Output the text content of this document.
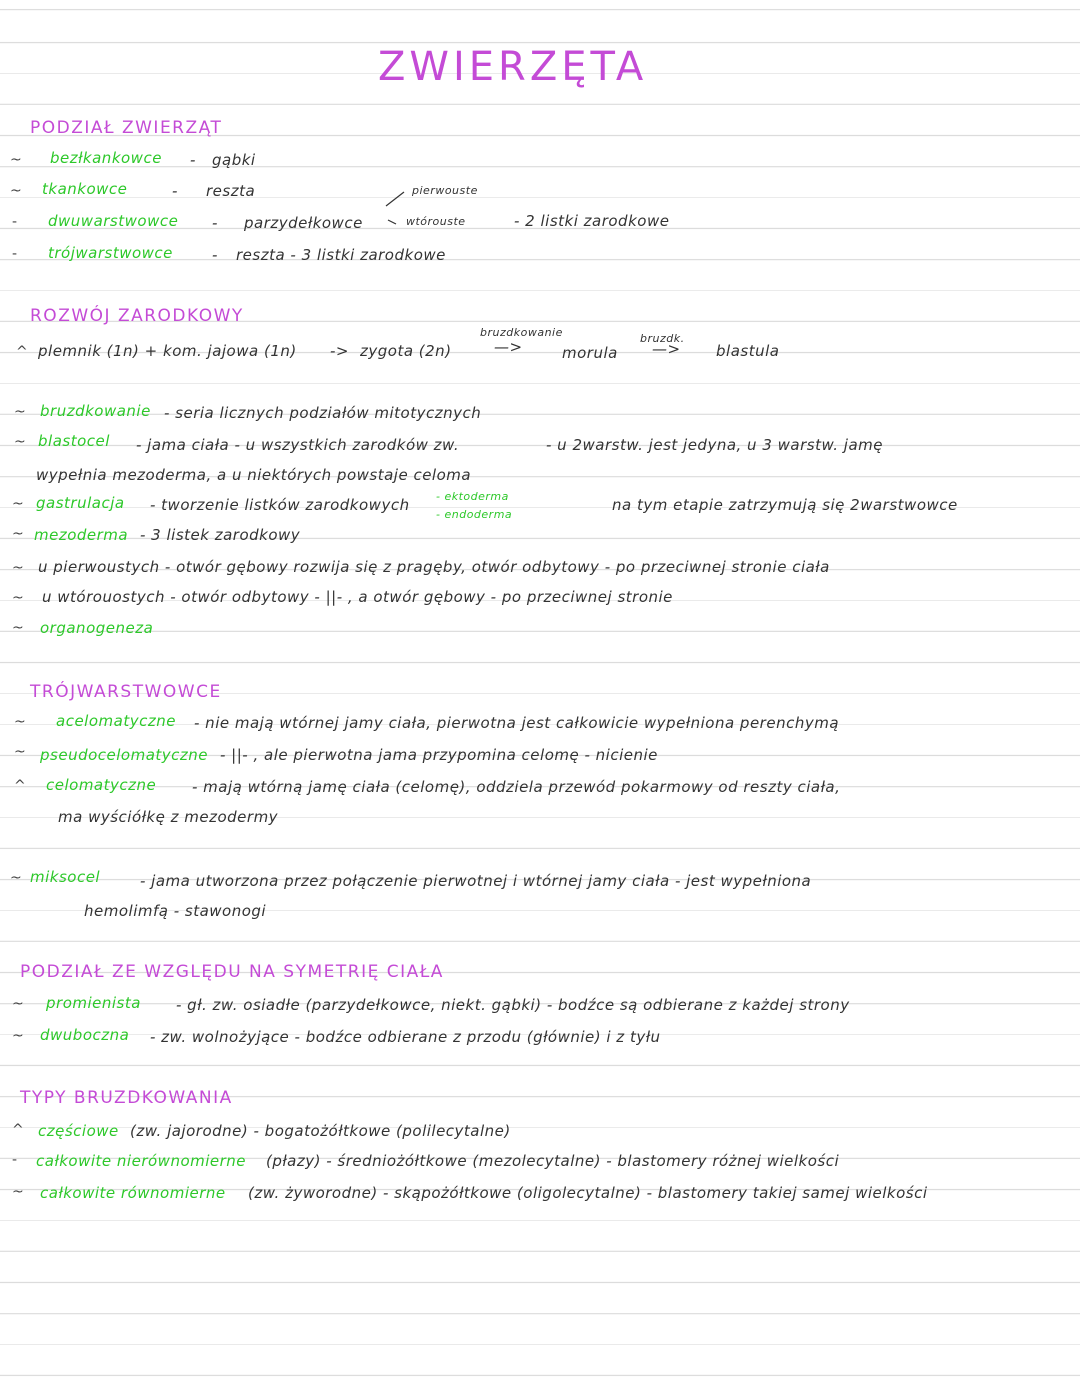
ZWIERZĘTA
PODZIAŁ ZWIERZĄT
~ bezłkankowce - gąbki
~ tkankowce	- reszta
- dwuwarstwowce - parzydełkowce
pierwouste
wtórouste	- 2 listki zarodkowe
- trójwarstwowce	- reszta - 3 listki zarodkowe
ROZWÓJ ZARODKOWY
^ plemnik (1n) + kom. jajowa (1n) -> zygota (2n)
bruzdkowanie
—>	morula
bruzdk.
—> blastula
~ bruzdkowanie - seria licznych podziałów mitotycznych
~ blastocel - jama ciała - u wszystkich zarodków zw.	- u 2warstw. jest jedyna, u 3 warstw. jamę
wypełnia mezoderma, a u niektórych powstaje celoma
~ gastrulacja - tworzenie listków zarodkowych - ektoderma
- endoderma
na tym etapie zatrzymują się 2warstwowce
~ mezoderma - 3 listek zarodkowy
~ u pierwoustych - otwór gębowy rozwija się z pragęby, otwór odbytowy - po przeciwnej stronie ciała
~ u wtórouostych - otwór odbytowy - ||- , a otwór gębowy - po przeciwnej stronie
~ organogeneza
TRÓJWARSTWOWCE
~ acelomatyczne - nie mają wtórnej jamy ciała, pierwotna jest całkowicie wypełniona perenchymą
~ pseudocelomatyczne - ||- , ale pierwotna jama przypomina celomę - nicienie
^ celomatyczne - mają wtórną jamę ciała (celomę), oddziela przewód pokarmowy od reszty ciała,
ma wyściółkę z mezodermy
~ miksocel	- jama utworzona przez połączenie pierwotnej i wtórnej jamy ciała - jest wypełniona
hemolimfą - stawonogi
PODZIAŁ ZE WZGLĘDU NA SYMETRIĘ CIAŁA
~ promienista - gł. zw. osiadłe (parzydełkowce, niekt. gąbki) - bodźce są odbierane z każdej strony
~ dwuboczna - zw. wolnożyjące - bodźce odbierane z przodu (głównie) i z tyłu
TYPY BRUZDKOWANIA
^ częściowe (zw. jajorodne) - bogatożółtkowe (polilecytalne)
- całkowite nierównomierne (płazy) - średniożółtkowe (mezolecytalne) - blastomery różnej wielkości
~ całkowite równomierne (zw. żyworodne) - skąpożółtkowe (oligolecytalne) - blastomery takiej samej wielkości
